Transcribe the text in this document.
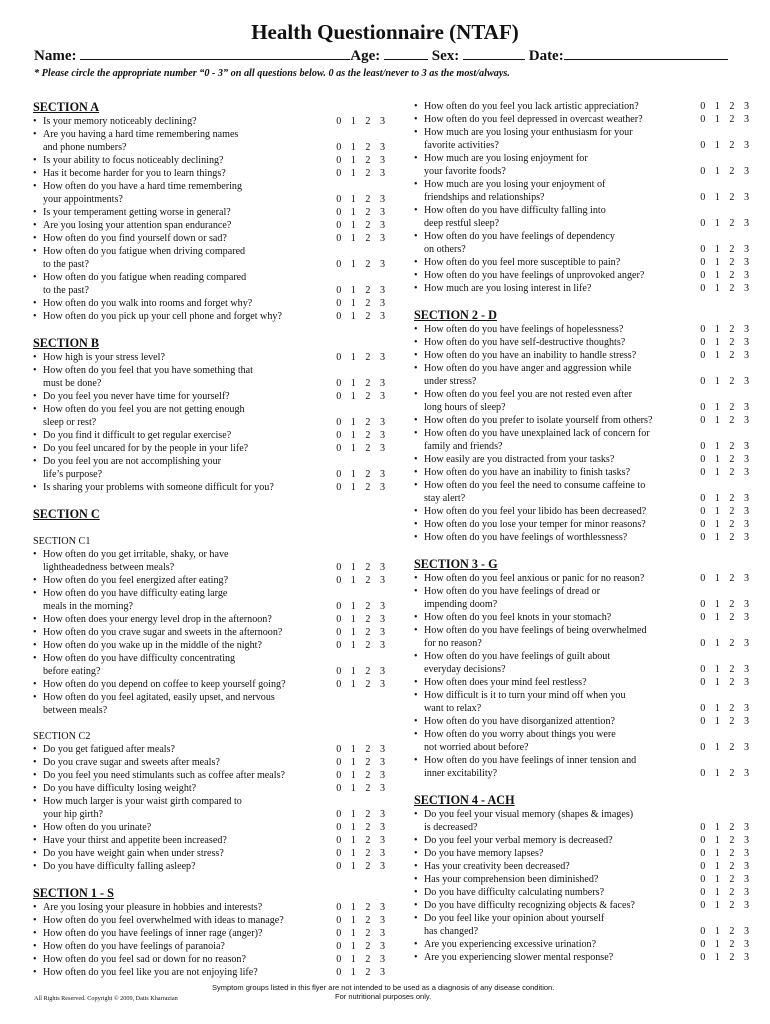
Health Questionnaire (NTAF)
Name:	Age:	Sex:	Date:
* Please circle the appropriate number “0 - 3” on all questions below. 0 as the least/never to 3 as the most/always.
SECTION A
• Is your memory noticeably declining?	0 1 2 3
• Are you having a hard time remembering names
and phone numbers?	0 1 2 3
• Is your ability to focus noticeably declining?	0 1 2 3
• Has it become harder for you to learn things?	0 1 2 3
• How often do you have a hard time remembering
your appointments?	0 1 2 3
• Is your temperament getting worse in general?	0 1 2 3
• Are you losing your attention span endurance?	0 1 2 3
• How often do you find yourself down or sad?	0 1 2 3
• How often do you fatigue when driving compared
to the past?	0 1 2 3
• How often do you fatigue when reading compared
to the past?	0 1 2 3
• How often do you walk into rooms and forget why?	0 1 2 3
• How often do you pick up your cell phone and forget why?	0 1 2 3
SECTION B
• How high is your stress level?	0 1 2 3
• How often do you feel that you have something that
must be done?	0 1 2 3
• Do you feel you never have time for yourself?	0 1 2 3
• How often do you feel you are not getting enough
sleep or rest?	0 1 2 3
• Do you find it difficult to get regular exercise?	0 1 2 3
• Do you feel uncared for by the people in your life?	0 1 2 3
• Do you feel you are not accomplishing your
life’s purpose?	0 1 2 3
• Is sharing your problems with someone difficult for you?	0 1 2 3
SECTION C
SECTION C1
• How often do you get irritable, shaky, or have
lightheadedness between meals?	0 1 2 3
• How often do you feel energized after eating?	0 1 2 3
• How often do you have difficulty eating large
meals in the morning?	0 1 2 3
• How often does your energy level drop in the afternoon?	0 1 2 3
• How often do you crave sugar and sweets in the afternoon?	0 1 2 3
• How often do you wake up in the middle of the night?	0 1 2 3
• How often do you have difficulty concentrating
before eating?	0 1 2 3
• How often do you depend on coffee to keep yourself going?	0 1 2 3
• How often do you feel agitated, easily upset, and nervous
between meals?
SECTION C2
• Do you get fatigued after meals?	0 1 2 3
• Do you crave sugar and sweets after meals?	0 1 2 3
• Do you feel you need stimulants such as coffee after meals?	0 1 2 3
• Do you have difficulty losing weight?	0 1 2 3
• How much larger is your waist girth compared to
your hip girth?	0 1 2 3
• How often do you urinate?	0 1 2 3
• Have your thirst and appetite been increased?	0 1 2 3
• Do you have weight gain when under stress?	0 1 2 3
• Do you have difficulty falling asleep?	0 1 2 3
SECTION 1 - S
• Are you losing your pleasure in hobbies and interests?	0 1 2 3
• How often do you feel overwhelmed with ideas to manage?	0 1 2 3
• How often do you have feelings of inner rage (anger)?	0 1 2 3
• How often do you have feelings of paranoia?	0 1 2 3
• How often do you feel sad or down for no reason?	0 1 2 3
• How often do you feel like you are not enjoying life?	0 1 2 3
• How often do you feel you lack artistic appreciation?	0 1 2 3
• How often do you feel depressed in overcast weather?	0 1 2 3
• How much are you losing your enthusiasm for your
favorite activities?	0 1 2 3
• How much are you losing enjoyment for
your favorite foods?	0 1 2 3
• How much are you losing your enjoyment of
friendships and relationships?	0 1 2 3
• How often do you have difficulty falling into
deep restful sleep?	0 1 2 3
• How often do you have feelings of dependency
on others?	0 1 2 3
• How often do you feel more susceptible to pain?	0 1 2 3
• How often do you have feelings of unprovoked anger?	0 1 2 3
• How much are you losing interest in life?	0 1 2 3
SECTION 2 - D
• How often do you have feelings of hopelessness?	0 1 2 3
• How often do you have self-destructive thoughts?	0 1 2 3
• How often do you have an inability to handle stress?	0 1 2 3
• How often do you have anger and aggression while
under stress?	0 1 2 3
• How often do you feel you are not rested even after
long hours of sleep?	0 1 2 3
• How often do you prefer to isolate yourself from others?	0 1 2 3
• How often do you have unexplained lack of concern for
family and friends?	0 1 2 3
• How easily are you distracted from your tasks?	0 1 2 3
• How often do you have an inability to finish tasks?	0 1 2 3
• How often do you feel the need to consume caffeine to
stay alert?	0 1 2 3
• How often do you feel your libido has been decreased?	0 1 2 3
• How often do you lose your temper for minor reasons?	0 1 2 3
• How often do you have feelings of worthlessness?	0 1 2 3
SECTION 3 - G
• How often do you feel anxious or panic for no reason?	0 1 2 3
• How often do you have feelings of dread or
impending doom?	0 1 2 3
• How often do you feel knots in your stomach?	0 1 2 3
• How often do you have feelings of being overwhelmed
for no reason?	0 1 2 3
• How often do you have feelings of guilt about
everyday decisions?	0 1 2 3
• How often does your mind feel restless?	0 1 2 3
• How difficult is it to turn your mind off when you
want to relax?	0 1 2 3
• How often do you have disorganized attention?	0 1 2 3
• How often do you worry about things you were
not worried about before?	0 1 2 3
• How often do you have feelings of inner tension and
inner excitability?	0 1 2 3
SECTION 4 - ACH
• Do you feel your visual memory (shapes & images)
is decreased?	0 1 2 3
• Do you feel your verbal memory is decreased?	0 1 2 3
• Do you have memory lapses?	0 1 2 3
• Has your creativity been decreased?	0 1 2 3
• Has your comprehension been diminished?	0 1 2 3
• Do you have difficulty calculating numbers?	0 1 2 3
• Do you have difficulty recognizing objects & faces?	0 1 2 3
• Do you feel like your opinion about yourself
has changed?	0 1 2 3
• Are you experiencing excessive urination?	0 1 2 3
• Are you experiencing slower mental response?	0 1 2 3
Symptom groups listed in this flyer are not intended to be used as a diagnosis of any disease condition.
For nutritional purposes only.
All Rights Reserved. Copyright © 2009, Datis Kharrazian
